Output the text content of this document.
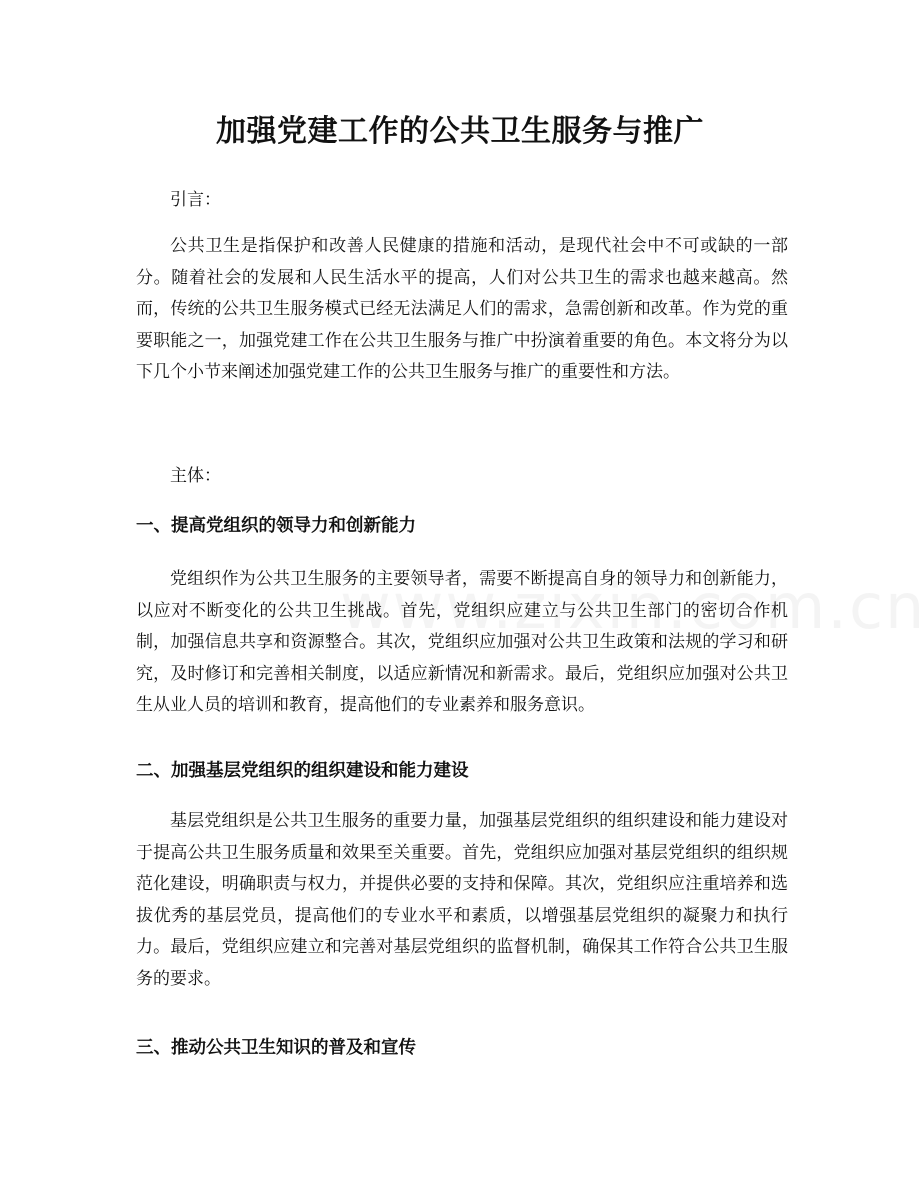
加强党建工作的公共卫生服务与推广
引言：
公共卫生是指保护和改善人民健康的措施和活动，是现代社会中不可或缺的一部分。随着社会的发展和人民生活水平的提高，人们对公共卫生的需求也越来越高。然而，传统的公共卫生服务模式已经无法满足人们的需求，急需创新和改革。作为党的重要职能之一，加强党建工作在公共卫生服务与推广中扮演着重要的角色。本文将分为以下几个小节来阐述加强党建工作的公共卫生服务与推广的重要性和方法。
主体：
一、提高党组织的领导力和创新能力
党组织作为公共卫生服务的主要领导者，需要不断提高自身的领导力和创新能力，以应对不断变化的公共卫生挑战。首先，党组织应建立与公共卫生部门的密切合作机制，加强信息共享和资源整合。其次，党组织应加强对公共卫生政策和法规的学习和研究，及时修订和完善相关制度，以适应新情况和新需求。最后，党组织应加强对公共卫生从业人员的培训和教育，提高他们的专业素养和服务意识。
二、加强基层党组织的组织建设和能力建设
基层党组织是公共卫生服务的重要力量，加强基层党组织的组织建设和能力建设对于提高公共卫生服务质量和效果至关重要。首先，党组织应加强对基层党组织的组织规范化建设，明确职责与权力，并提供必要的支持和保障。其次，党组织应注重培养和选拔优秀的基层党员，提高他们的专业水平和素质，以增强基层党组织的凝聚力和执行力。最后，党组织应建立和完善对基层党组织的监督机制，确保其工作符合公共卫生服务的要求。
三、推动公共卫生知识的普及和宣传
